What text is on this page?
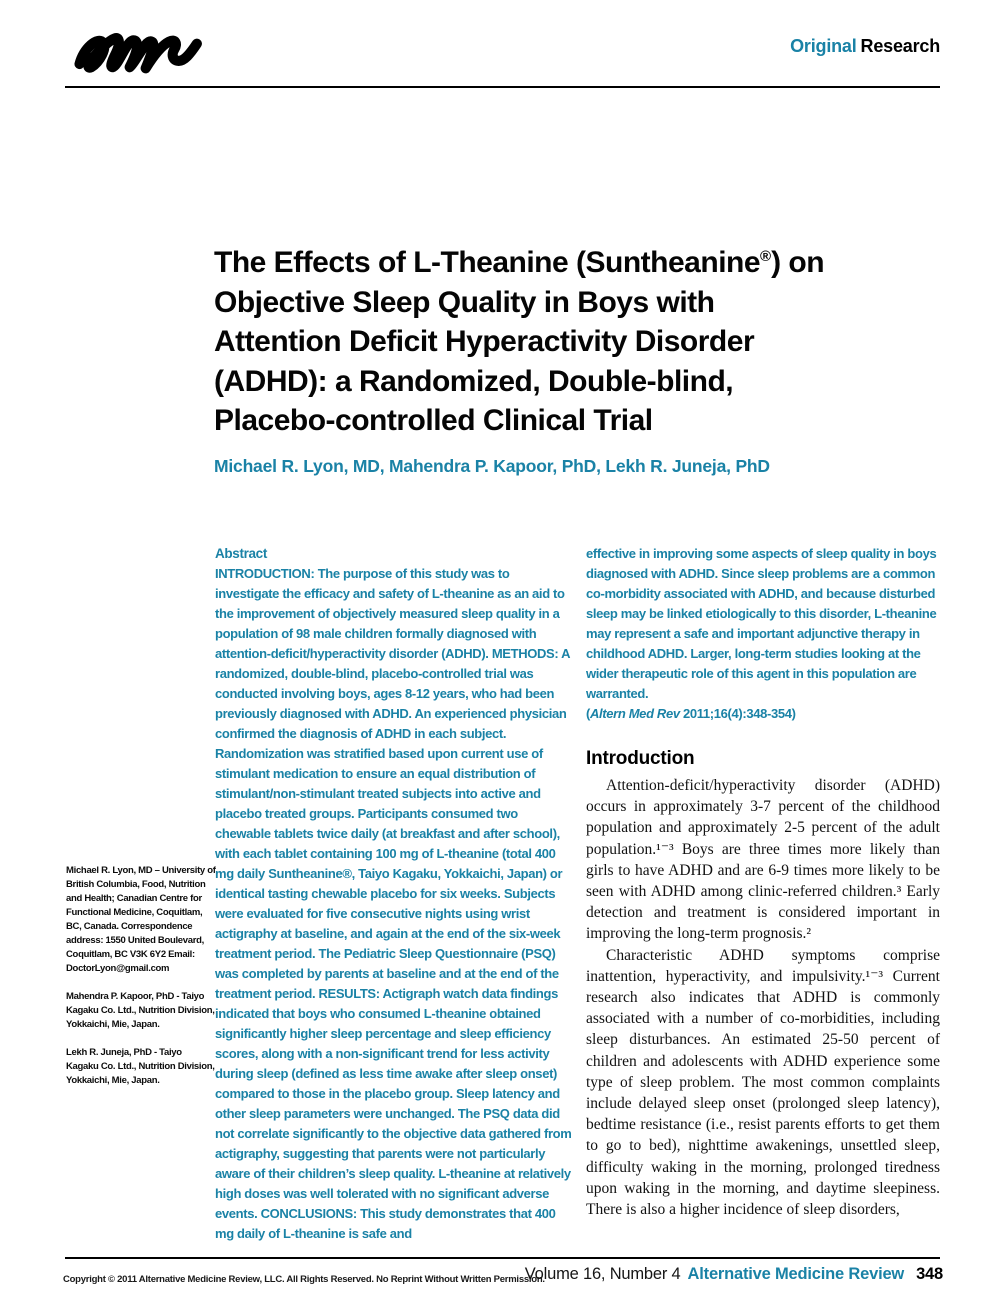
Original Research
The Effects of L-Theanine (Suntheanine®) on
Objective Sleep Quality in Boys with
Attention Deficit Hyperactivity Disorder
(ADHD): a Randomized, Double-blind,
Placebo-controlled Clinical Trial
Michael R. Lyon, MD, Mahendra P. Kapoor, PhD, Lekh R. Juneja, PhD

Michael R. Lyon, MD – University of British Columbia, Food, Nutrition and Health; Canadian Centre for Functional Medicine, Coquitlam, BC, Canada. Correspondence address: 1550 United Boulevard, Coquitlam, BC V3K 6Y2 Email: DoctorLyon@gmail.com

Mahendra P. Kapoor, PhD - Taiyo Kagaku Co. Ltd., Nutrition Division, Yokkaichi, Mie, Japan.

Lekh R. Juneja, PhD - Taiyo Kagaku Co. Ltd., Nutrition Division, Yokkaichi, Mie, Japan.

Abstract
INTRODUCTION: The purpose of this study was to investigate the efficacy and safety of L-theanine as an aid to the improvement of objectively measured sleep quality in a population of 98 male children formally diagnosed with attention-deficit/hyperactivity disorder (ADHD). METHODS: A randomized, double-blind, placebo-controlled trial was conducted involving boys, ages 8-12 years, who had been previously diagnosed with ADHD. An experienced physician confirmed the diagnosis of ADHD in each subject. Randomization was stratified based upon current use of stimulant medication to ensure an equal distribution of stimulant/non-stimulant treated subjects into active and placebo treated groups. Participants consumed two chewable tablets twice daily (at breakfast and after school), with each tablet containing 100 mg of L-theanine (total 400 mg daily Suntheanine®, Taiyo Kagaku, Yokkaichi, Japan) or identical tasting chewable placebo for six weeks. Subjects were evaluated for five consecutive nights using wrist actigraphy at baseline, and again at the end of the six-week treatment period. The Pediatric Sleep Questionnaire (PSQ) was completed by parents at baseline and at the end of the treatment period. RESULTS: Actigraph watch data findings indicated that boys who consumed L-theanine obtained significantly higher sleep percentage and sleep efficiency scores, along with a non-significant trend for less activity during sleep (defined as less time awake after sleep onset) compared to those in the placebo group. Sleep latency and other sleep parameters were unchanged. The PSQ data did not correlate significantly to the objective data gathered from actigraphy, suggesting that parents were not particularly aware of their children’s sleep quality. L-theanine at relatively high doses was well tolerated with no significant adverse events. CONCLUSIONS: This study demonstrates that 400 mg daily of L-theanine is safe and
effective in improving some aspects of sleep quality in boys diagnosed with ADHD. Since sleep problems are a common co-morbidity associated with ADHD, and because disturbed sleep may be linked etiologically to this disorder, L-theanine may represent a safe and important adjunctive therapy in childhood ADHD. Larger, long-term studies looking at the wider therapeutic role of this agent in this population are warranted.
(Altern Med Rev 2011;16(4):348-354)
Introduction

Attention-deficit/hyperactivity disorder (ADHD) occurs in approximately 3-7 percent of the childhood population and approximately 2-5 percent of the adult population.¹⁻³ Boys are three times more likely than girls to have ADHD and are 6-9 times more likely to be seen with ADHD among clinic-referred children.³ Early detection and treatment is considered important in improving the long-term prognosis.²

Characteristic ADHD symptoms comprise inattention, hyperactivity, and impulsivity.¹⁻³ Current research also indicates that ADHD is commonly associated with a number of co-morbidities, including sleep disturbances. An estimated 25-50 percent of children and adolescents with ADHD experience some type of sleep problem. The most common complaints include delayed sleep onset (prolonged sleep latency), bedtime resistance (i.e., resist parents efforts to get them to go to bed), nighttime awakenings, unsettled sleep, difficulty waking in the morning, prolonged tiredness upon waking in the morning, and daytime sleepiness. There is also a higher incidence of sleep disorders,

Copyright © 2011 Alternative Medicine Review, LLC. All Rights Reserved. No Reprint Without Written Permission.
Volume 16, Number 4 Alternative Medicine Review 348
